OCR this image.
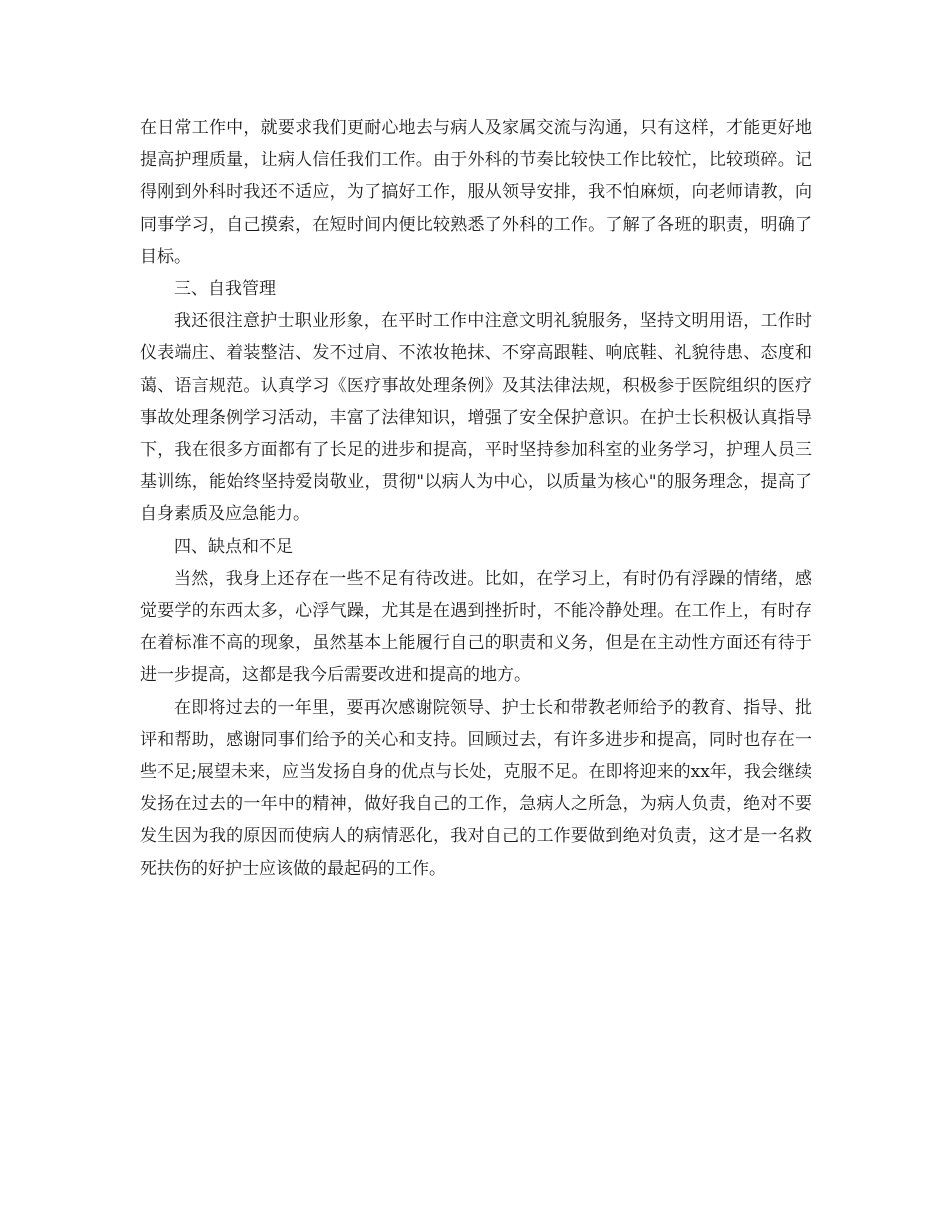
在日常工作中，就要求我们更耐心地去与病人及家属交流与沟通，只有这样，才能更好地提高护理质量，让病人信任我们工作。由于外科的节奏比较快工作比较忙，比较琐碎。记得刚到外科时我还不适应，为了搞好工作，服从领导安排，我不怕麻烦，向老师请教，向同事学习，自己摸索，在短时间内便比较熟悉了外科的工作。了解了各班的职责，明确了目标。

三、自我管理

我还很注意护士职业形象，在平时工作中注意文明礼貌服务，坚持文明用语，工作时仪表端庄、着装整洁、发不过肩、不浓妆艳抹、不穿高跟鞋、响底鞋、礼貌待患、态度和蔼、语言规范。认真学习《医疗事故处理条例》及其法律法规，积极参于医院组织的医疗事故处理条例学习活动，丰富了法律知识，增强了安全保护意识。在护士长积极认真指导下，我在很多方面都有了长足的进步和提高，平时坚持参加科室的业务学习，护理人员三基训练，能始终坚持爱岗敬业，贯彻"以病人为中心，以质量为核心"的服务理念，提高了自身素质及应急能力。

四、缺点和不足

当然，我身上还存在一些不足有待改进。比如，在学习上，有时仍有浮躁的情绪，感觉要学的东西太多，心浮气躁，尤其是在遇到挫折时，不能冷静处理。在工作上，有时存在着标准不高的现象，虽然基本上能履行自己的职责和义务，但是在主动性方面还有待于进一步提高，这都是我今后需要改进和提高的地方。

在即将过去的一年里，要再次感谢院领导、护士长和带教老师给予的教育、指导、批评和帮助，感谢同事们给予的关心和支持。回顾过去，有许多进步和提高，同时也存在一些不足;展望未来，应当发扬自身的优点与长处，克服不足。在即将迎来的xx年，我会继续发扬在过去的一年中的精神，做好我自己的工作，急病人之所急，为病人负责，绝对不要发生因为我的原因而使病人的病情恶化，我对自己的工作要做到绝对负责，这才是一名救死扶伤的好护士应该做的最起码的工作。
